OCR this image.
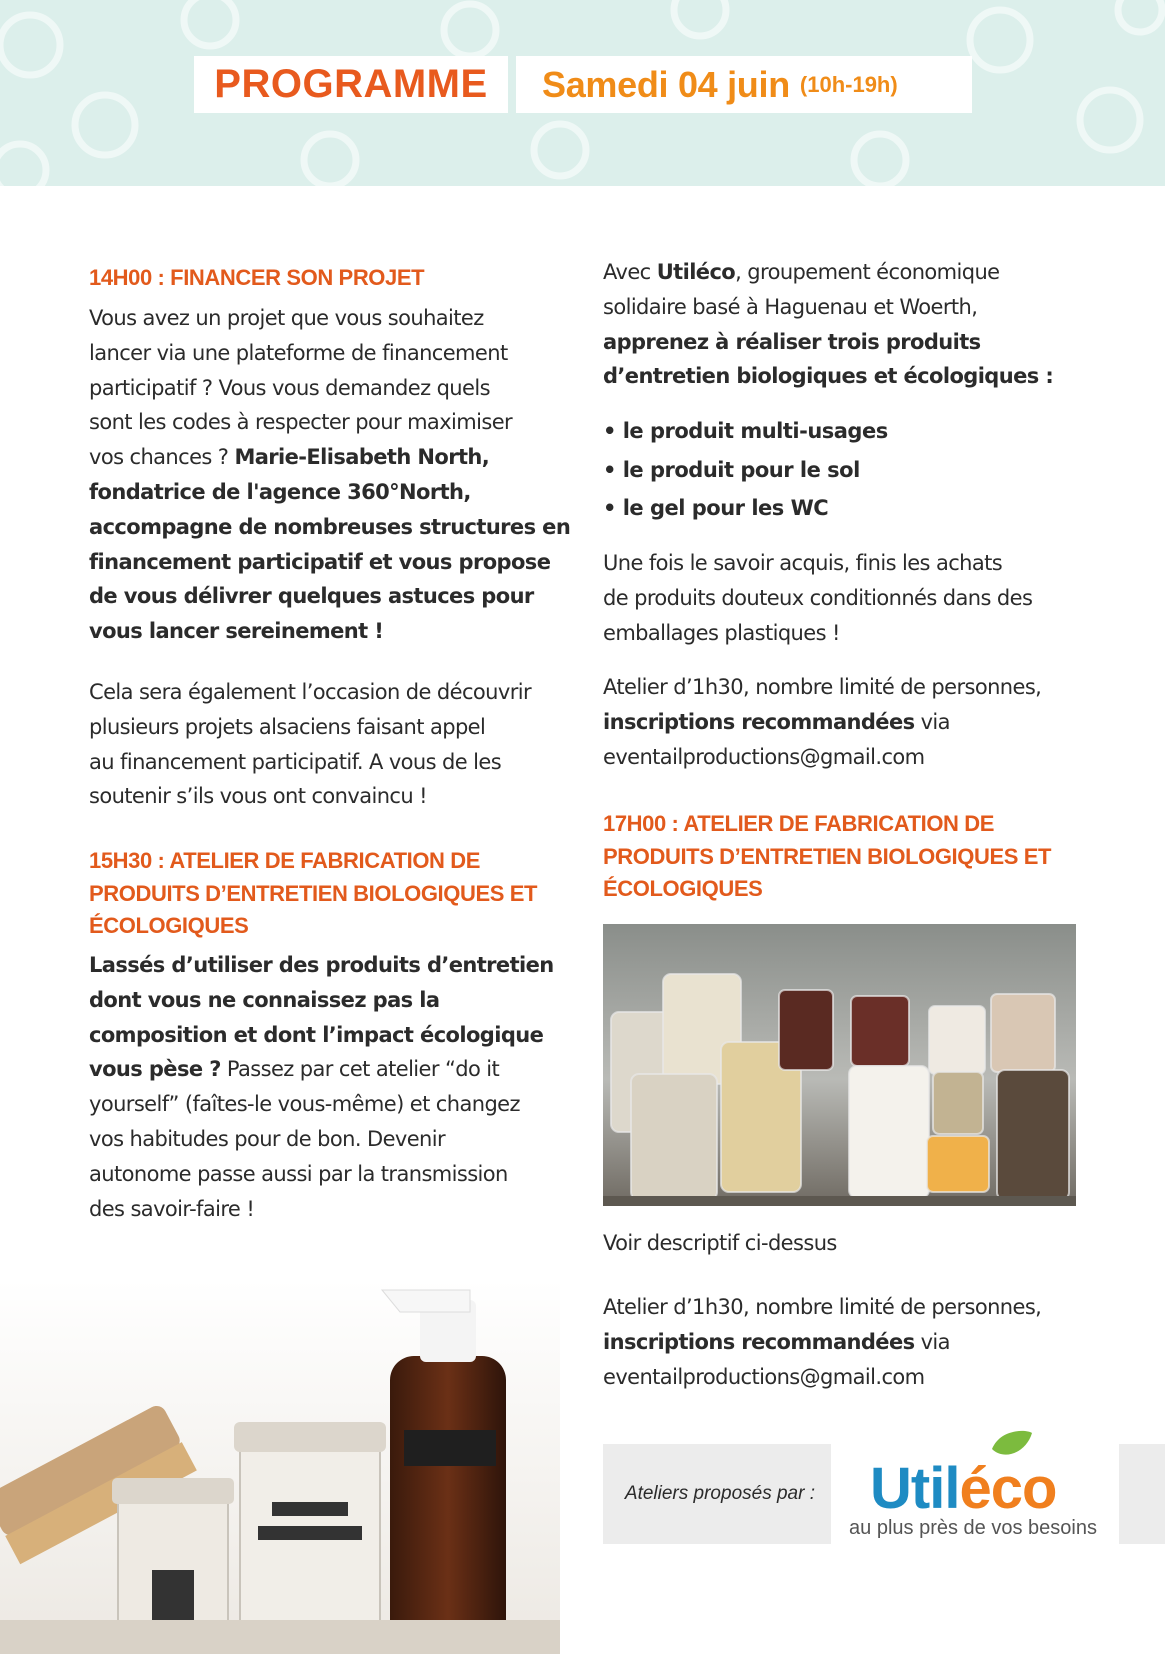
PROGRAMME Samedi 04 juin (10h-19h)
14H00 : FINANCER SON PROJET
Vous avez un projet que vous souhaitez
lancer via une plateforme de financement
participatif ? Vous vous demandez quels
sont les codes à respecter pour maximiser
vos chances ? Marie-Elisabeth North,
fondatrice de l'agence 360°North,
accompagne de nombreuses structures en
financement participatif et vous propose
de vous délivrer quelques astuces pour
vous lancer sereinement !
Cela sera également l’occasion de découvrir
plusieurs projets alsaciens faisant appel
au financement participatif. A vous de les
soutenir s’ils vous ont convaincu !
15H30 : ATELIER DE FABRICATION DE
PRODUITS D’ENTRETIEN BIOLOGIQUES ET
ÉCOLOGIQUES
Lassés d’utiliser des produits d’entretien
dont vous ne connaissez pas la
composition et dont l’impact écologique
vous pèse ? Passez par cet atelier “do it
yourself” (faîtes-le vous-même) et changez
vos habitudes pour de bon. Devenir
autonome passe aussi par la transmission
des savoir-faire !
Avec Utiléco, groupement économique
solidaire basé à Haguenau et Woerth,
apprenez à réaliser trois produits
d’entretien biologiques et écologiques :
• le produit multi-usages
• le produit pour le sol
• le gel pour les WC
Une fois le savoir acquis, finis les achats
de produits douteux conditionnés dans des
emballages plastiques !
Atelier d’1h30, nombre limité de personnes,
inscriptions recommandées via
eventailproductions@gmail.com
17H00 : ATELIER DE FABRICATION DE
PRODUITS D’ENTRETIEN BIOLOGIQUES ET
ÉCOLOGIQUES
Voir descriptif ci-dessus
Atelier d’1h30, nombre limité de personnes,
inscriptions recommandées via
eventailproductions@gmail.com
Ateliers proposés par : Utiléco
au plus près de vos besoins
